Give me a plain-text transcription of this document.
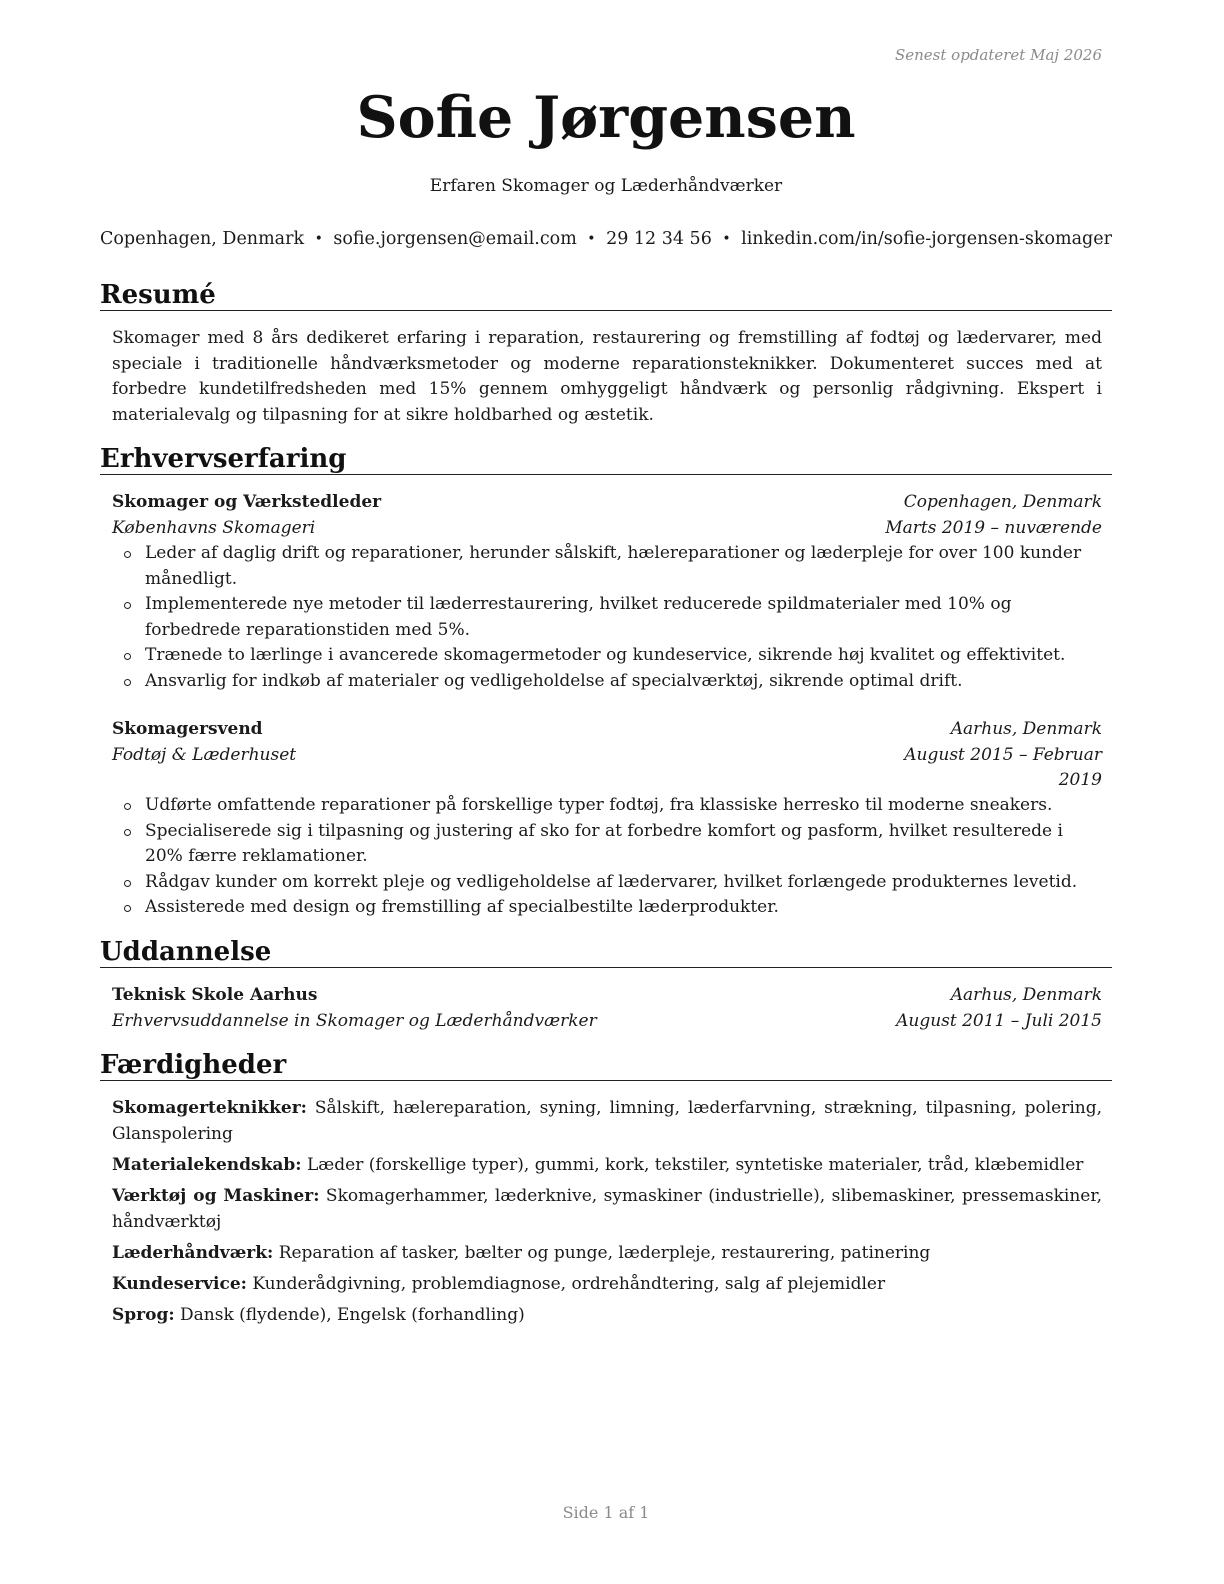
Senest opdateret Maj 2026
Sofie Jørgensen
Erfaren Skomager og Læderhåndværker
Copenhagen, Denmark • sofie.jorgensen@email.com • 29 12 34 56 • linkedin.com/in/sofie-jorgensen-skomager
Resumé
Skomager med 8 års dedikeret erfaring i reparation, restaurering og fremstilling af fodtøj og lædervarer, med speciale i traditionelle håndværksmetoder og moderne reparationsteknikker. Dokumenteret succes med at forbedre kundetilfredsheden med 15% gennem omhyggeligt håndværk og personlig rådgivning. Ekspert i materialevalg og tilpasning for at sikre holdbarhed og æstetik.
Erhvervserfaring
Skomager og Værkstedleder	Copenhagen, Denmark
Københavns Skomageri	Marts 2019 – nuværende
Leder af daglig drift og reparationer, herunder sålskift, hælereparationer og læderpleje for over 100 kunder månedligt.
Implementerede nye metoder til læderrestaurering, hvilket reducerede spildmaterialer med 10% og forbedrede reparationstiden med 5%.
Trænede to lærlinge i avancerede skomagermetoder og kundeservice, sikrende høj kvalitet og effektivitet.
Ansvarlig for indkøb af materialer og vedligeholdelse af specialværktøj, sikrende optimal drift.
Skomagersvend	Aarhus, Denmark
Fodtøj & Læderhuset	August 2015 – Februar 2019
Udførte omfattende reparationer på forskellige typer fodtøj, fra klassiske herresko til moderne sneakers.
Specialiserede sig i tilpasning og justering af sko for at forbedre komfort og pasform, hvilket resulterede i 20% færre reklamationer.
Rådgav kunder om korrekt pleje og vedligeholdelse af lædervarer, hvilket forlængede produkternes levetid.
Assisterede med design og fremstilling af specialbestilte læderprodukter.
Uddannelse
Teknisk Skole Aarhus	Aarhus, Denmark
Erhvervsuddannelse in Skomager og Læderhåndværker	August 2011 – Juli 2015
Færdigheder
Skomagerteknikker: Sålskift, hælereparation, syning, limning, læderfarvning, strækning, tilpasning, polering, Glanspolering
Materialekendskab: Læder (forskellige typer), gummi, kork, tekstiler, syntetiske materialer, tråd, klæbemidler
Værktøj og Maskiner: Skomagerhammer, læderknive, symaskiner (industrielle), slibemaskiner, pressemaskiner, håndværktøj
Læderhåndværk: Reparation af tasker, bælter og punge, læderpleje, restaurering, patinering
Kundeservice: Kunderådgivning, problemdiagnose, ordrehåndtering, salg af plejemidler
Sprog: Dansk (flydende), Engelsk (forhandling)
Side 1 af 1
